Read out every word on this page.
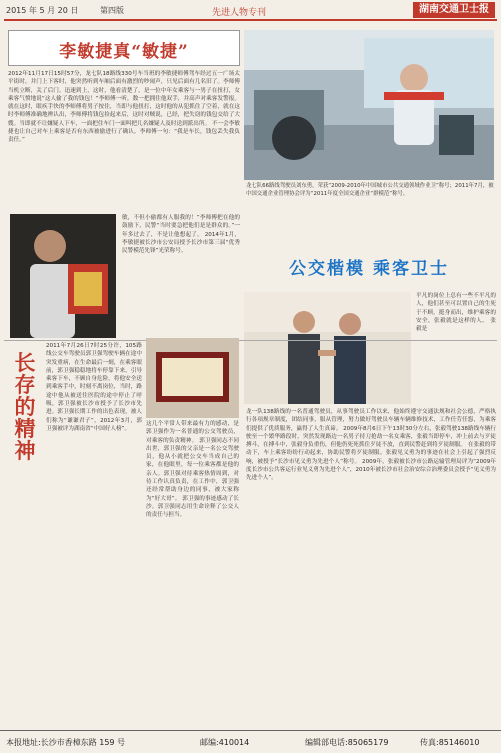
2015 年 5 月 20 日	第四版	先进人物专刊	湖南交通卫士报
李敏捷真“敏捷”
2012年11月17日15时57分，龙七队18路线330号车当班的李敏捷师傅驾车经过五一广场太平街时，并门上下客时，他突然听到车厢后面有激烈的吵闹声，只见后面有几名旧了。李师傅当机立断，关了后门。迅速到上，这时，他看清楚了，是一位中年女乘客与一男子在扭打，女乘客气愤地说“这人偷了我的钱包！”李师傅一听，数一把拥住他双手，并高声对乘客发警报。 就在这时，眼疾手快的李师傅将男子按住，当即与他扭打，这时他的从犯抓住了空着，就在这时李师傅准确地辨认出，李师傅将钱包捡起来后，这时对贼说，已经，把失窃的钱包交给了大嫂。当即就不让嫌疑人下车，一面把住车门一面叫把几名嫌疑人及时送到派出所。 不一会李敏捷也让自己对车上乘客是否有东西被偷进行了确认。李师傅一句：“我是车长，钱包丢失我负责任。”
龙七队66路线驾驶员刘东勇，荣获“2009-2010年中国城市公共交通领域作业卫”称号；2011年7月，被中国交通企业管理协会评为“2011年度全国交通企业“群模范”称号。
敏，不但小偷都有人服我的！”李师傅把在他的鼓励下，民警“当时要急把他们是是群众的。”一年多过去了，不是让他想起了。 2014年1月，李敏捷被长沙市公安局授予长沙市第三届“优秀民警模范先锋”光荣称号。
公交楷模 乘客卫士
平凡的岗位上总有一些不平凡的人，他们甚至可以置自己的生死于不顾，挺身而出，维护乘客的安全，张毅就是这样的人。 张毅是
龙一队138路线的一名普通驾驶员，从事驾驶员工作以来，他始终遵守交通法规和社会公德，严格执行各项规章制度，团结同事，服从管理，努力做好驾驶员车辆车辆维修技术，工作任劳任怨，为乘客们提供了优质服务，赢得了人生真谛。 2009年8月6日下午13时30分左右，张毅驾驶138路线车辆行驶至一个繁华路段时，突然发现路边一名男子持刀抢劫一名女乘客，张毅当即停车，冲上前去与歹徒搏斗，在搏斗中，张毅身负重伤，但他仍死死抓住歹徒不放，直到民警赶到将歹徒制服。 在张毅的带动下，车上乘客纷纷行动起来，协助民警将歹徒制服。张毅见义勇为的事迹在社会上引起了强烈反响，被授予“长沙市见义勇为先进个人”称号。 2009年，张毅被长沙市公路运输管理局评为“2009年度长沙市公共客运行业见义勇为先进个人”，2010年被长沙市社会治安综合治理委员会授予“见义勇为先进个人”。
长存的精神
2011年7月26日7时25分许，105路线公交车驾驶员郭卫强驾驶车辆在途中突发重病，在生命最后一刻，在乘客眼前，郭卫强稳稳地将车停靠下来，引导乘客下车，不顾自身危险，将他安全送到乘客手中，时刻不离岗位，当时，路途中他从被送往医院的途中停止了呼吸，郭卫强被长沙市授予了长沙市先进。郭卫强长期工作的出色表现，被人们称为“谦谦君子”，2012年3月，郭卫强被评为湖南省“中国好人榜”。
这几个平常人带来最有力的感动，是郭卫强作为一名普通的公交驾驶员，对乘客的负责精神。 郭卫强同志不同出世，郭卫强的父亲是一名公交驾驶员，他从小就把公交车当成自己的家，在他眼里，每一位乘客都是他的亲人。郭卫强对待乘客热情周到，对待工作认真负责，在工作中，郭卫强还经常帮助身边的同事，被大家称为“好大哥”。 郭卫强的事迹感动了长沙。郭卫强同志用生命诠释了公交人的责任与担当。
本报地址:长沙市香樟东路 159 号	邮编:410014	编辑部电话:85065179	传真:85146010
